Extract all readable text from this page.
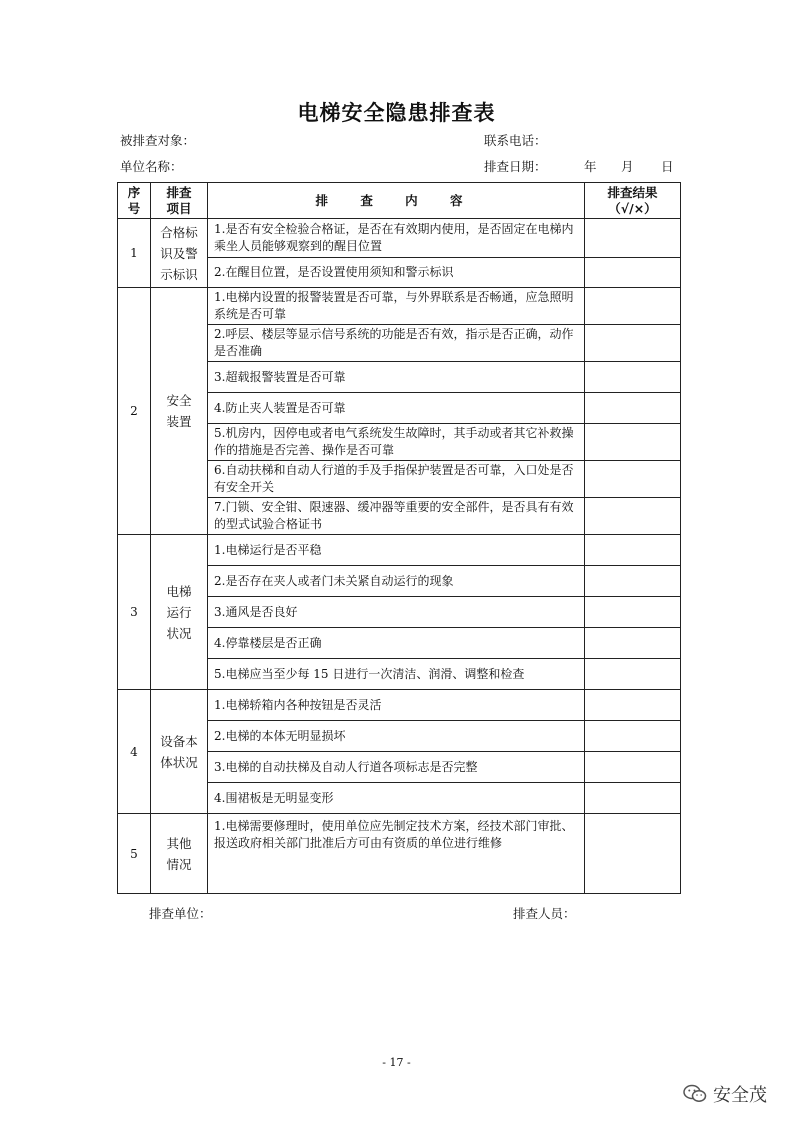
电梯安全隐患排查表
被排查对象：	联系电话：
单位名称：	排查日期：	年 月 日
序号	排查项目	排 查 内 容	排查结果
（√/×）

1	合格标识及警示标识	1.是否有安全检验合格证，是否在有效期内使用，是否固定在电梯内乘坐人员能够观察到的醒目位置	
		2.在醒目位置，是否设置使用须知和警示标识	
2	安全装置	1.电梯内设置的报警装置是否可靠，与外界联系是否畅通，应急照明系统是否可靠	
		2.呼层、楼层等显示信号系统的功能是否有效，指示是否正确，动作是否准确	
		3.超载报警装置是否可靠	
		4.防止夹人装置是否可靠	
		5.机房内，因停电或者电气系统发生故障时，其手动或者其它补救操作的措施是否完善、操作是否可靠	
		6.自动扶梯和自动人行道的手及手指保护装置是否可靠，入口处是否有安全开关	
		7.门锁、安全钳、限速器、缓冲器等重要的安全部件，是否具有有效的型式试验合格证书	
3	电梯运行状况	1.电梯运行是否平稳	
		2.是否存在夹人或者门未关紧自动运行的现象	
		3.通风是否良好	
		4.停靠楼层是否正确	
		5.电梯应当至少每 15 日进行一次清洁、润滑、调整和检查	
4	设备本体状况	1.电梯轿箱内各种按钮是否灵活	
		2.电梯的本体无明显损坏	
		3.电梯的自动扶梯及自动人行道各项标志是否完整	
		4.围裙板是无明显变形	
5	其他情况	1.电梯需要修理时，使用单位应先制定技术方案，经技术部门审批、报送政府相关部门批准后方可由有资质的单位进行维修	
排查单位：	排查人员：
- 17 -
安全茂
